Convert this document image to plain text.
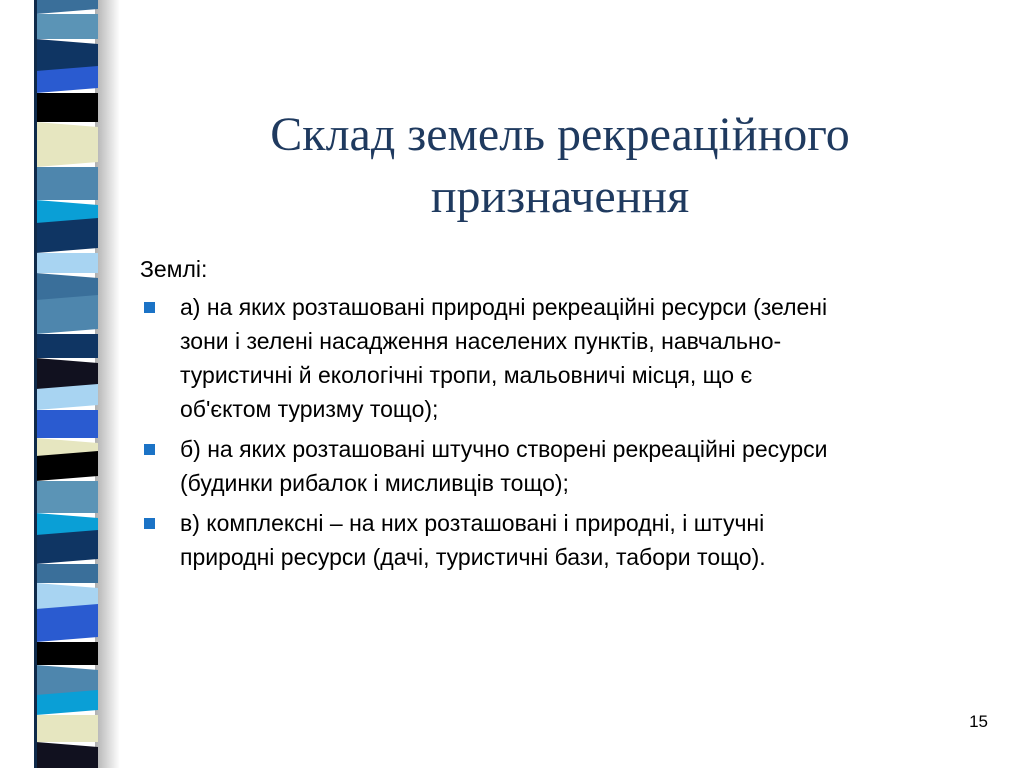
Склад земель рекреаційного
призначення

Землі:

а) на яких розташовані природні рекреаційні ресурси (зелені
зони і зелені насадження населених пунктів, навчально-
туристичні й екологічні тропи, мальовничі місця, що є
об'єктом туризму тощо);
б) на яких розташовані штучно створені рекреаційні ресурси
(будинки рибалок і мисливців тощо);
в) комплексні – на них розташовані і природні, і штучні
природні ресурси (дачі, туристичні бази, табори тощо).
15
